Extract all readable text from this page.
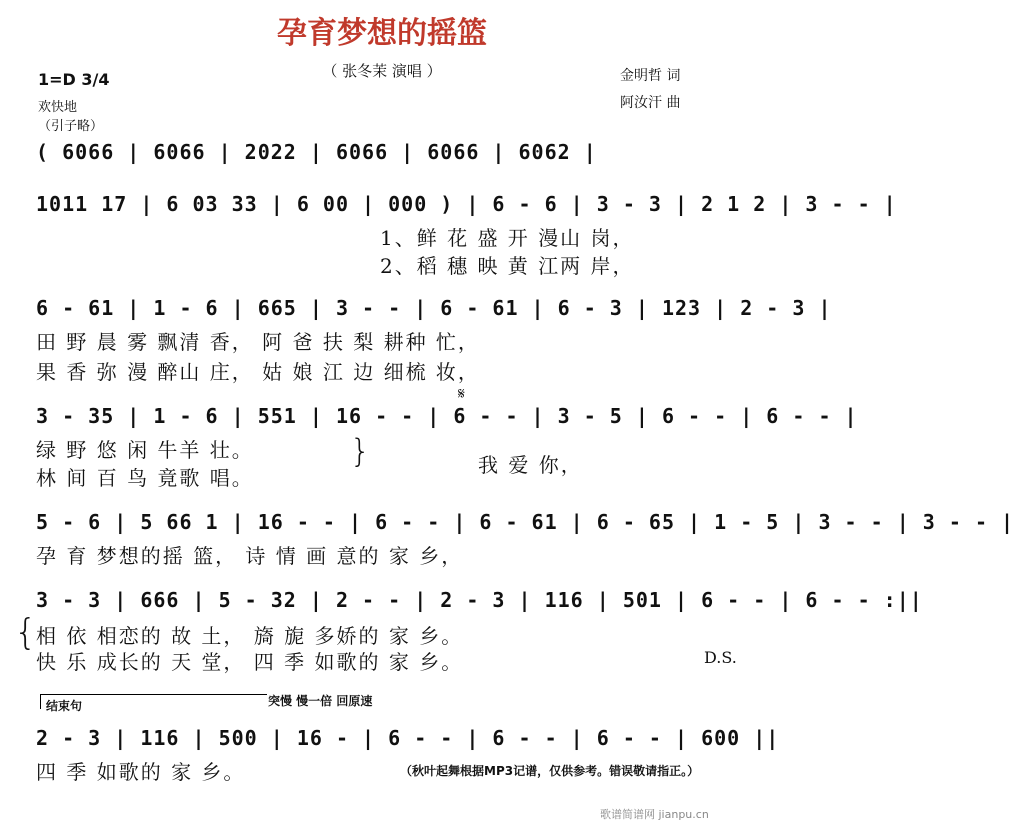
孕育梦想的摇篮
（ 张冬茉 演唱 ）
1=D 3/4
欢快地
（引子略）
金明哲 词
阿汝汗 曲
( 6066 | 6066 | 2022 | 6066 | 6066 | 6062 |
1011 17 | 6 03 33 | 6 00 | 000 ) | 6 - 6 | 3 - 3 | 2 1 2 | 3 - - |
1、鲜 花 盛 开 漫山 岗，
2、稻 穗 映 黄 江两 岸，
6 - 61 | 1 - 6 | 665 | 3 - - | 6 - 61 | 6 - 3 | 123 | 2 - 3 |
田 野 晨 雾 飘清 香， 阿 爸 扶 梨 耕种 忙，
果 香 弥 漫 醉山 庄， 姑 娘 江 边 细梳 妆，
𝄋
3 - 35 | 1 - 6 | 551 | 16 - - | 6 - - | 3 - 5 | 6 - - | 6 - - |
绿 野 悠 闲 牛羊 壮。
林 间 百 鸟 竟歌 唱。
}	我 爱 你，
5 - 6 | 5 66 1 | 16 - - | 6 - - | 6 - 61 | 6 - 65 | 1 - 5 | 3 - - | 3 - - |
孕 育 梦想的摇 篮， 诗 情 画 意的 家 乡，
3 - 3 | 666 | 5 - 32 | 2 - - | 2 - 3 | 116 | 501 | 6 - - | 6 - - :||
{ 相 依 相恋的 故 土， 旖 旎 多娇的 家 乡。
快 乐 成长的 天 堂， 四 季 如歌的 家 乡。	D.S.
结束句	突慢 慢一倍 回原速
2 - 3 | 116 | 500 | 16 - | 6 - - | 6 - - | 6 - - | 600 ||
四 季 如歌的 家 乡。	（秋叶起舞根据MP3记谱，仅供参考。错误敬请指正。）
歌谱简谱网 jianpu.cn
